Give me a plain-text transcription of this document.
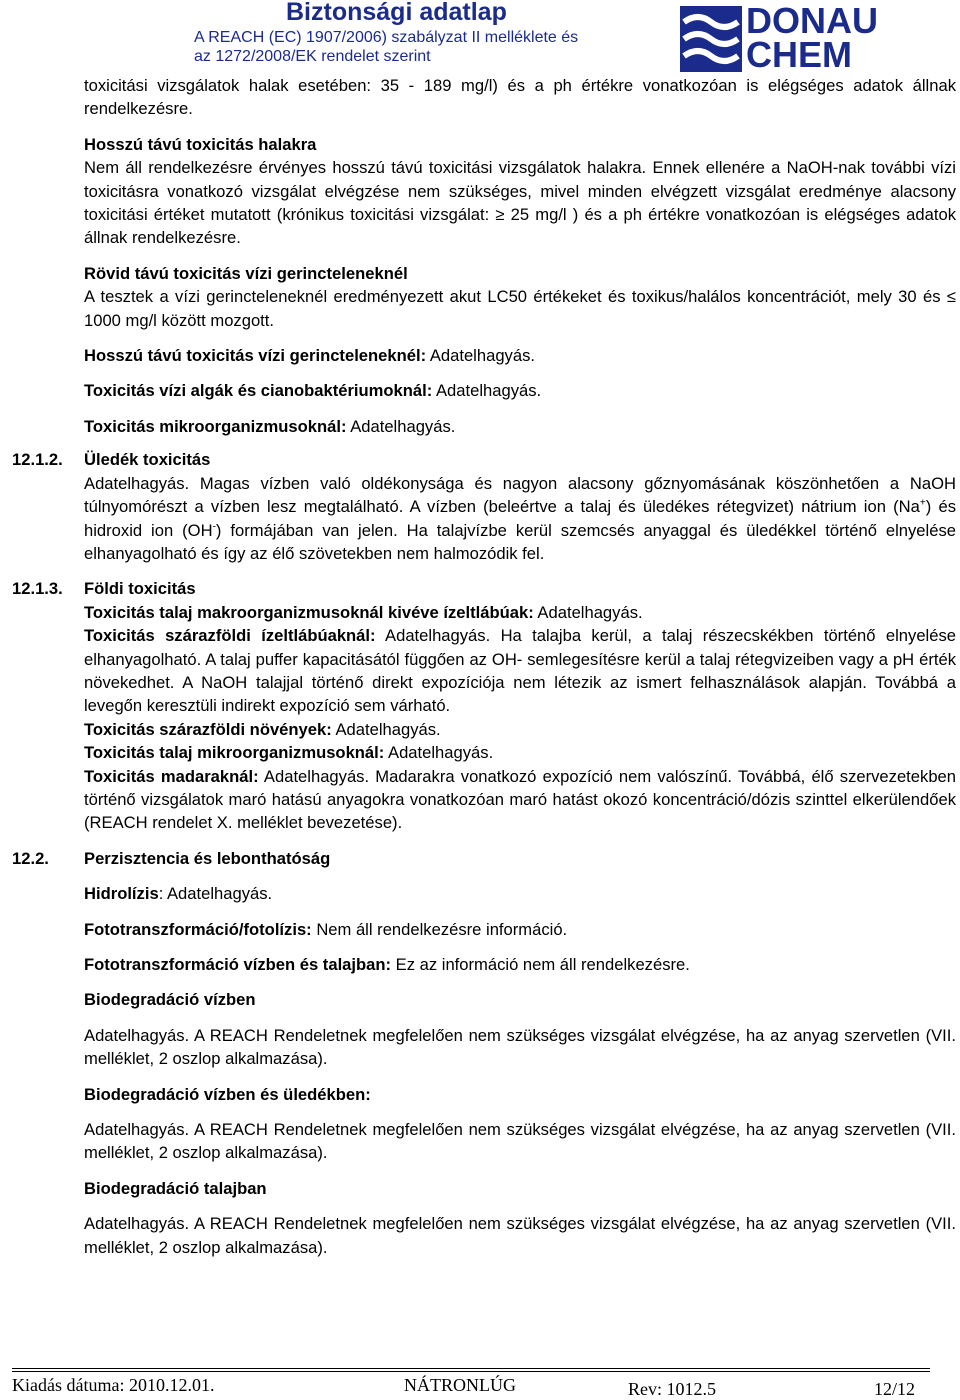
Biztonsági adatlap
A REACH (EC) 1907/2006) szabályzat II melléklete és
az 1272/2008/EK rendelet szerint
DONAU
CHEM

toxicitási vizsgálatok halak esetében: 35 - 189 mg/l) és a ph értékre vonatkozóan is elégséges adatok állnak rendelkezésre.

Hosszú távú toxicitás halakra

Nem áll rendelkezésre érvényes hosszú távú toxicitási vizsgálatok halakra. Ennek ellenére a NaOH-nak további vízi toxicitásra vonatkozó vizsgálat elvégzése nem szükséges, mivel minden elvégzett vizsgálat eredménye alacsony toxicitási értéket mutatott (krónikus toxicitási vizsgálat: ≥ 25 mg/l ) és a ph értékre vonatkozóan is elégséges adatok állnak rendelkezésre.

Rövid távú toxicitás vízi gerincteleneknél

A tesztek a vízi gerincteleneknél eredményezett akut LC50 értékeket és toxikus/halálos koncentrációt, mely 30 és ≤ 1000 mg/l között mozgott.

Hosszú távú toxicitás vízi gerincteleneknél: Adatelhagyás.

Toxicitás vízi algák és cianobaktériumoknál: Adatelhagyás.

Toxicitás mikroorganizmusoknál: Adatelhagyás.

12.1.2. Üledék toxicitás

Adatelhagyás. Magas vízben való oldékonysága és nagyon alacsony gőznyomásának köszönhetően a NaOH túlnyomórészt a vízben lesz megtalálható. A vízben (beleértve a talaj és üledékes rétegvizet) nátrium ion (Na+) és hidroxid ion (OH-) formájában van jelen. Ha talajvízbe kerül szemcsés anyaggal és üledékkel történő elnyelése elhanyagolható és így az élő szövetekben nem halmozódik fel.

12.1.3. Földi toxicitás

Toxicitás talaj makroorganizmusoknál kivéve ízeltlábúak: Adatelhagyás.

Toxicitás szárazföldi ízeltlábúaknál: Adatelhagyás. Ha talajba kerül, a talaj részecskékben történő elnyelése elhanyagolható. A talaj puffer kapacitásától függően az OH- semlegesítésre kerül a talaj rétegvizeiben vagy a pH érték növekedhet. A NaOH talajjal történő direkt expozíciója nem létezik az ismert felhasználások alapján. Továbbá a levegőn keresztüli indirekt expozíció sem várható.

Toxicitás szárazföldi növények: Adatelhagyás.

Toxicitás talaj mikroorganizmusoknál: Adatelhagyás.

Toxicitás madaraknál: Adatelhagyás. Madarakra vonatkozó expozíció nem valószínű. Továbbá, élő szervezetekben történő vizsgálatok maró hatású anyagokra vonatkozóan maró hatást okozó koncentráció/dózis szinttel elkerülendőek (REACH rendelet X. melléklet bevezetése).

12.2. Perzisztencia és lebonthatóság

Hidrolízis: Adatelhagyás.

Fototranszformáció/fotolízis: Nem áll rendelkezésre információ.

Fototranszformáció vízben és talajban: Ez az információ nem áll rendelkezésre.

Biodegradáció vízben

Adatelhagyás. A REACH Rendeletnek megfelelően nem szükséges vizsgálat elvégzése, ha az anyag szervetlen (VII. melléklet, 2 oszlop alkalmazása).

Biodegradáció vízben és üledékben:

Adatelhagyás. A REACH Rendeletnek megfelelően nem szükséges vizsgálat elvégzése, ha az anyag szervetlen (VII. melléklet, 2 oszlop alkalmazása).

Biodegradáció talajban

Adatelhagyás. A REACH Rendeletnek megfelelően nem szükséges vizsgálat elvégzése, ha az anyag szervetlen (VII. melléklet, 2 oszlop alkalmazása).

Kiadás dátuma: 2010.12.01.	NÁTRONLÚG	Rev: 1012.5	12/12
